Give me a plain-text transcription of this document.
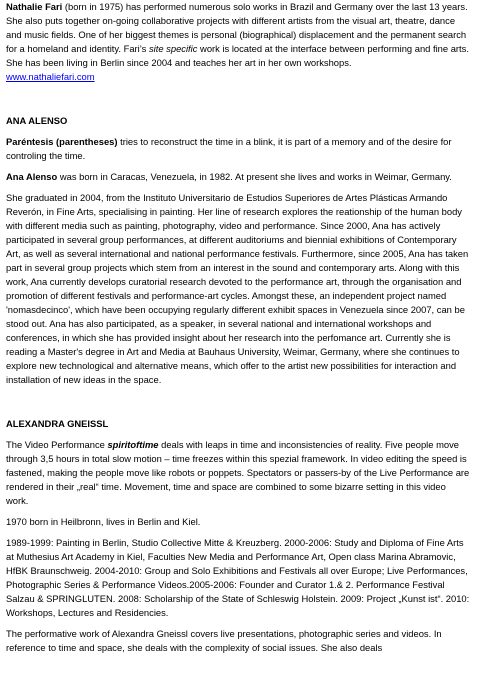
Nathalie Fari (born in 1975) has performed numerous solo works in Brazil and Germany over the last 13 years. She also puts together on-going collaborative projects with different artists from the visual art, theatre, dance and music fields. One of her biggest themes is personal (biographical) displacement and the permanent search for a homeland and identity. Fari’s site specific work is located at the interface between performing and fine arts. She has been living in Berlin since 2004 and teaches her art in her own workshops.

www.nathaliefari.com

ANA ALENSO

Paréntesis (parentheses) tries to reconstruct the time in a blink, it is part of a memory and of the desire for controling the time.

Ana Alenso was born in Caracas, Venezuela, in 1982. At present she lives and works in Weimar, Germany.

She graduated in 2004, from the Instituto Universitario de Estudios Superiores de Artes Plásticas Armando Reverón, in Fine Arts, specialising in painting. Her line of research explores the reationship of the human body with different media such as painting, photography, video and performance. Since 2000, Ana has actively participated in several group performances, at different auditoriums and biennial exhibitions of Contemporary Art, as well as several international and national performance festivals. Furthermore, since 2005, Ana has taken part in several group projects which stem from an interest in the sound and contemporary arts. Along with this work, Ana currently develops curatorial research devoted to the performance art, through the organisation and promotion of different festivals and performance-art cycles. Amongst these, an independent project named 'nomasdecinco', which have been occupying regularly different exhibit spaces in Venezuela since 2007, can be stood out. Ana has also participated, as a speaker, in several national and international workshops and conferences, in which she has provided insight about her research into the perfomance art. Currently she is reading a Master's degree in Art and Media at Bauhaus University, Weimar, Germany, where she continues to explore new technological and alternative means, which offer to the artist new possibilities for interaction and installation of new ideas in the space.

ALEXANDRA GNEISSL

The Video Performance spiritoftime deals with leaps in time and inconsistencies of reality. Five people move through 3,5 hours in total slow motion – time freezes within this spezial framework. In video editing the speed is fastened, making the people move like robots or poppets. Spectators or passers-by of the Live Performance are rendered in their „real“ time. Movement, time and space are combined to some bizarre setting in this video work.

1970 born in Heilbronn, lives in Berlin and Kiel.

1989-1999: Painting in Berlin, Studio Collective Mitte & Kreuzberg. 2000-2006: Study and Diploma of Fine Arts at Muthesius Art Academy in Kiel, Faculties New Media and Performance Art, Open class Marina Abramovic, HfBK Braunschweig. 2004-2010: Group and Solo Exhibitions and Festivals all over Europe; Live Performances, Photographic Series & Performance Videos.2005-2006: Founder and Curator 1.& 2. Performance Festival Salzau & SPRINGLUTEN. 2008: Scholarship of the State of Schleswig Holstein. 2009: Project „Kunst ist“. 2010: Workshops, Lectures and Residencies.

The performative work of Alexandra Gneissl covers live presentations, photographic series and videos. In reference to time and space, she deals with the complexity of social issues. She also deals
